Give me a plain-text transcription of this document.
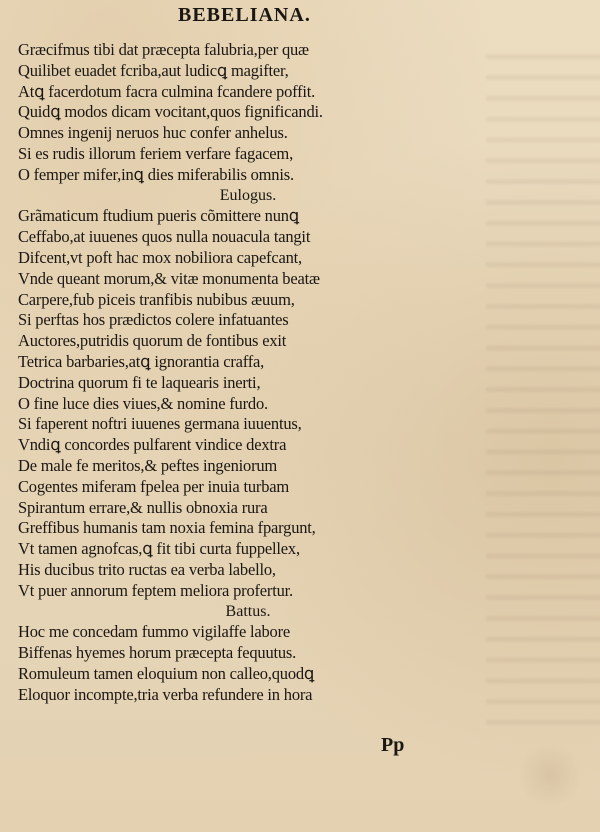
BEBELIANA.
Græcifmus tibi dat præcepta falubria,per quæ
Quilibet euadet fcriba,aut ludicꝗ magifter,
Atꝗ facerdotum facra culmina fcandere poffit.
Quidꝗ modos dicam vocitant,quos fignificandi.
Omnes ingenij neruos huc confer anhelus.
Si es rudis illorum feriem verfare fagacem,
O femper mifer,inꝗ dies miferabilis omnis.
Eulogus.
Grãmaticum ftudium pueris cõmittere nunꝗ
Ceffabo,at iuuenes quos nulla nouacula tangit
Difcent,vt poft hac mox nobiliora capefcant,
Vnde queant morum,& vitæ monumenta beatæ
Carpere,fub piceis tranfibis nubibus æuum,
Si perftas hos prædictos colere infatuantes
Auctores,putridis quorum de fontibus exit
Tetrica barbaries,atꝗ ignorantia craffa,
Doctrina quorum fi te laquearis inerti,
O fine luce dies viues,& nomine furdo.
Si faperent noftri iuuenes germana iuuentus,
Vndiꝗ concordes pulfarent vindice dextra
De male fe meritos,& peftes ingeniorum
Cogentes miferam fpelea per inuia turbam
Spirantum errare,& nullis obnoxia rura
Greffibus humanis tam noxia femina fpargunt,
Vt tamen agnofcas,ꝗ fit tibi curta fuppellex,
His ducibus trito ructas ea verba labello,
Vt puer annorum feptem meliora profertur.
Battus.
Hoc me concedam fummo vigilaffe labore
Biffenas hyemes horum præcepta fequutus.
Romuleum tamen eloquium non calleo,quodꝗ
Eloquor incompte,tria verba refundere in hora
Pp
